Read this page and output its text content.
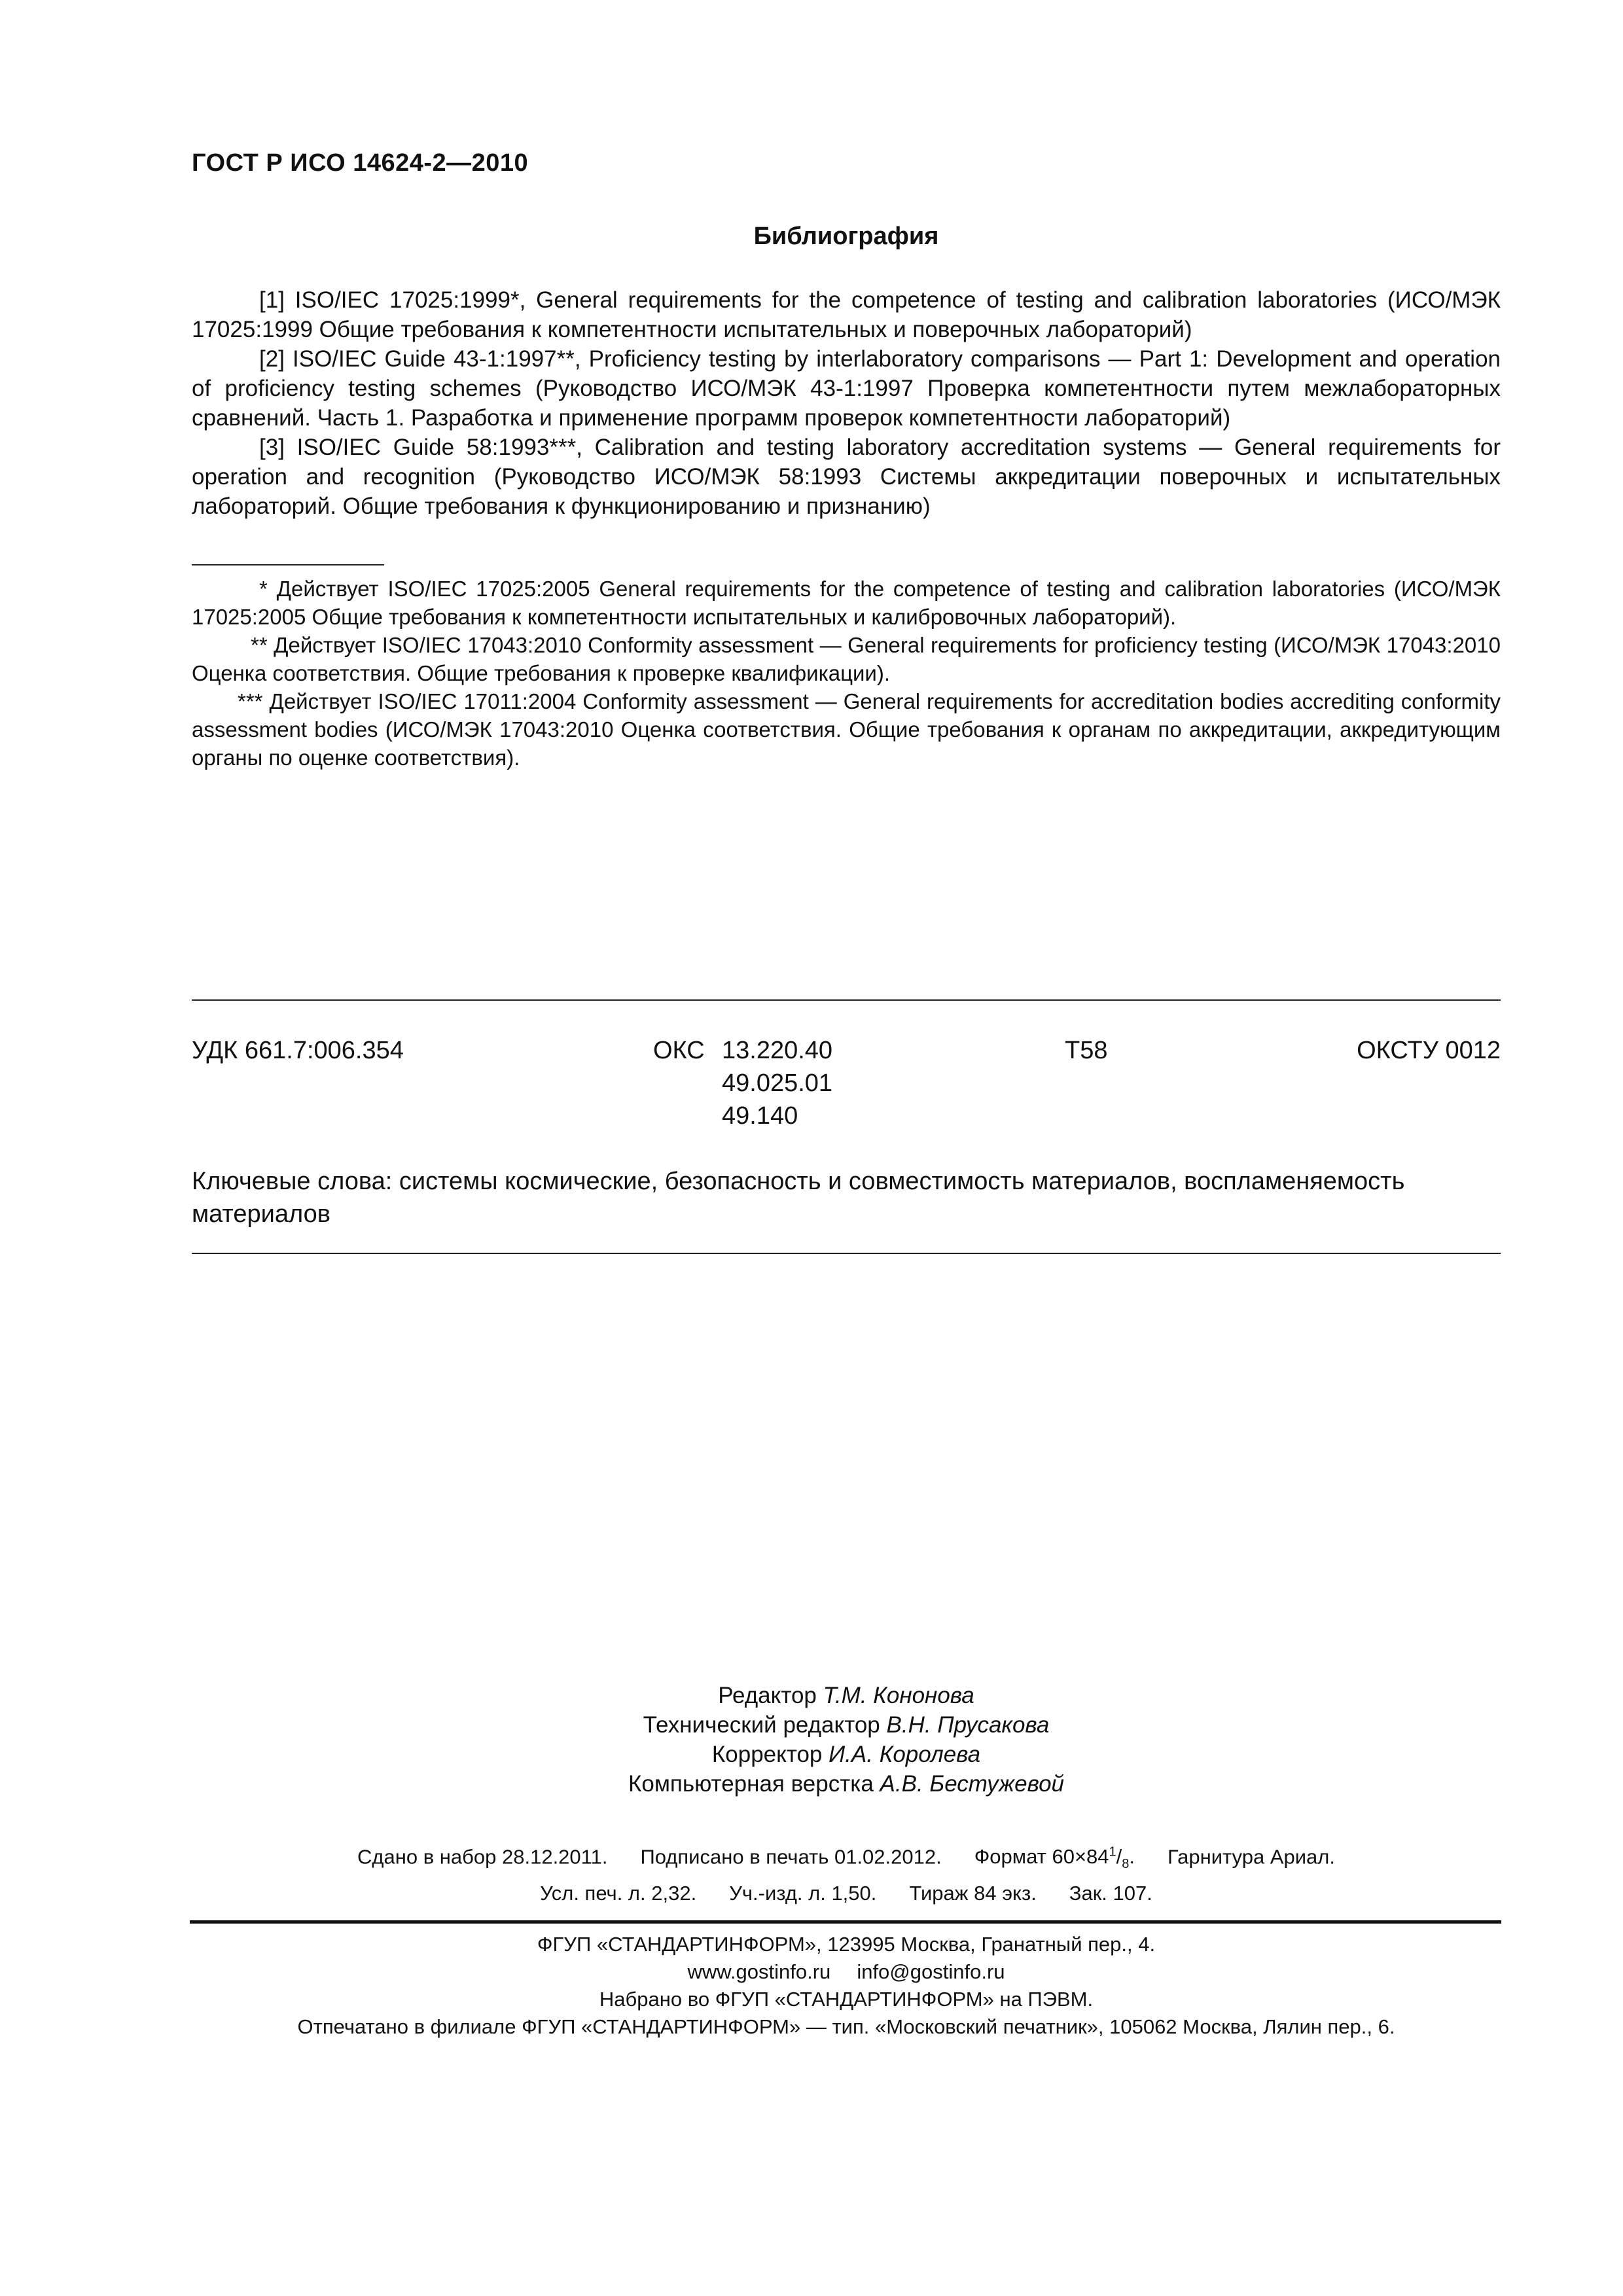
ГОСТ Р ИСО 14624-2—2010
Библиография

[1] ISO/IEC 17025:1999*, General requirements for the competence of testing and calibration laboratories (ИСО/МЭК 17025:1999 Общие требования к компетентности испытательных и поверочных лабораторий)

[2] ISO/IEC Guide 43-1:1997**, Proficiency testing by interlaboratory comparisons — Part 1: Development and operation of proficiency testing schemes (Руководство ИСО/МЭК 43-1:1997 Проверка компетентности путем межлабораторных сравнений. Часть 1. Разработка и применение программ проверок компетентности лабораторий)

[3] ISO/IEC Guide 58:1993***, Calibration and testing laboratory accreditation systems — General requirements for operation and recognition (Руководство ИСО/МЭК 58:1993 Системы аккредитации поверочных и испытательных лабораторий. Общие требования к функционированию и признанию)

* Действует ISO/IEC 17025:2005 General requirements for the competence of testing and calibration laboratories (ИСО/МЭК 17025:2005 Общие требования к компетентности испытательных и калибровочных лабораторий).

** Действует ISO/IEC 17043:2010 Conformity assessment — General requirements for proficiency testing (ИСО/МЭК 17043:2010 Оценка соответствия. Общие требования к проверке квалификации).

*** Действует ISO/IEC 17011:2004 Conformity assessment — General requirements for accreditation bodies accrediting conformity assessment bodies (ИСО/МЭК 17043:2010 Оценка соответствия. Общие требования к органам по аккредитации, аккредитующим органы по оценке соответствия).

УДК 661.7:006.354	ОКС 13.220.40
49.025.01
49.140
Т58	ОКСТУ 0012
Ключевые слова: системы космические, безопасность и совместимость материалов, воспламеняемость материалов
Редактор Т.М. Кононова
Технический редактор В.Н. Прусакова
Корректор И.А. Королева
Компьютерная верстка А.В. Бестужевой
Сдано в набор 28.12.2011. Подписано в печать 01.02.2012. Формат $60\times 84^1/_8$. Гарнитура Ариал.
Усл. печ. л. 2,32. Уч.-изд. л. 1,50. Тираж 84 экз. Зак. 107.
ФГУП «СТАНДАРТИНФОРМ», 123995 Москва, Гранатный пер., 4.
www.gostinfo.ru info@gostinfo.ru
Набрано во ФГУП «СТАНДАРТИНФОРМ» на ПЭВМ.
Отпечатано в филиале ФГУП «СТАНДАРТИНФОРМ» — тип. «Московский печатник», 105062 Москва, Лялин пер., 6.
